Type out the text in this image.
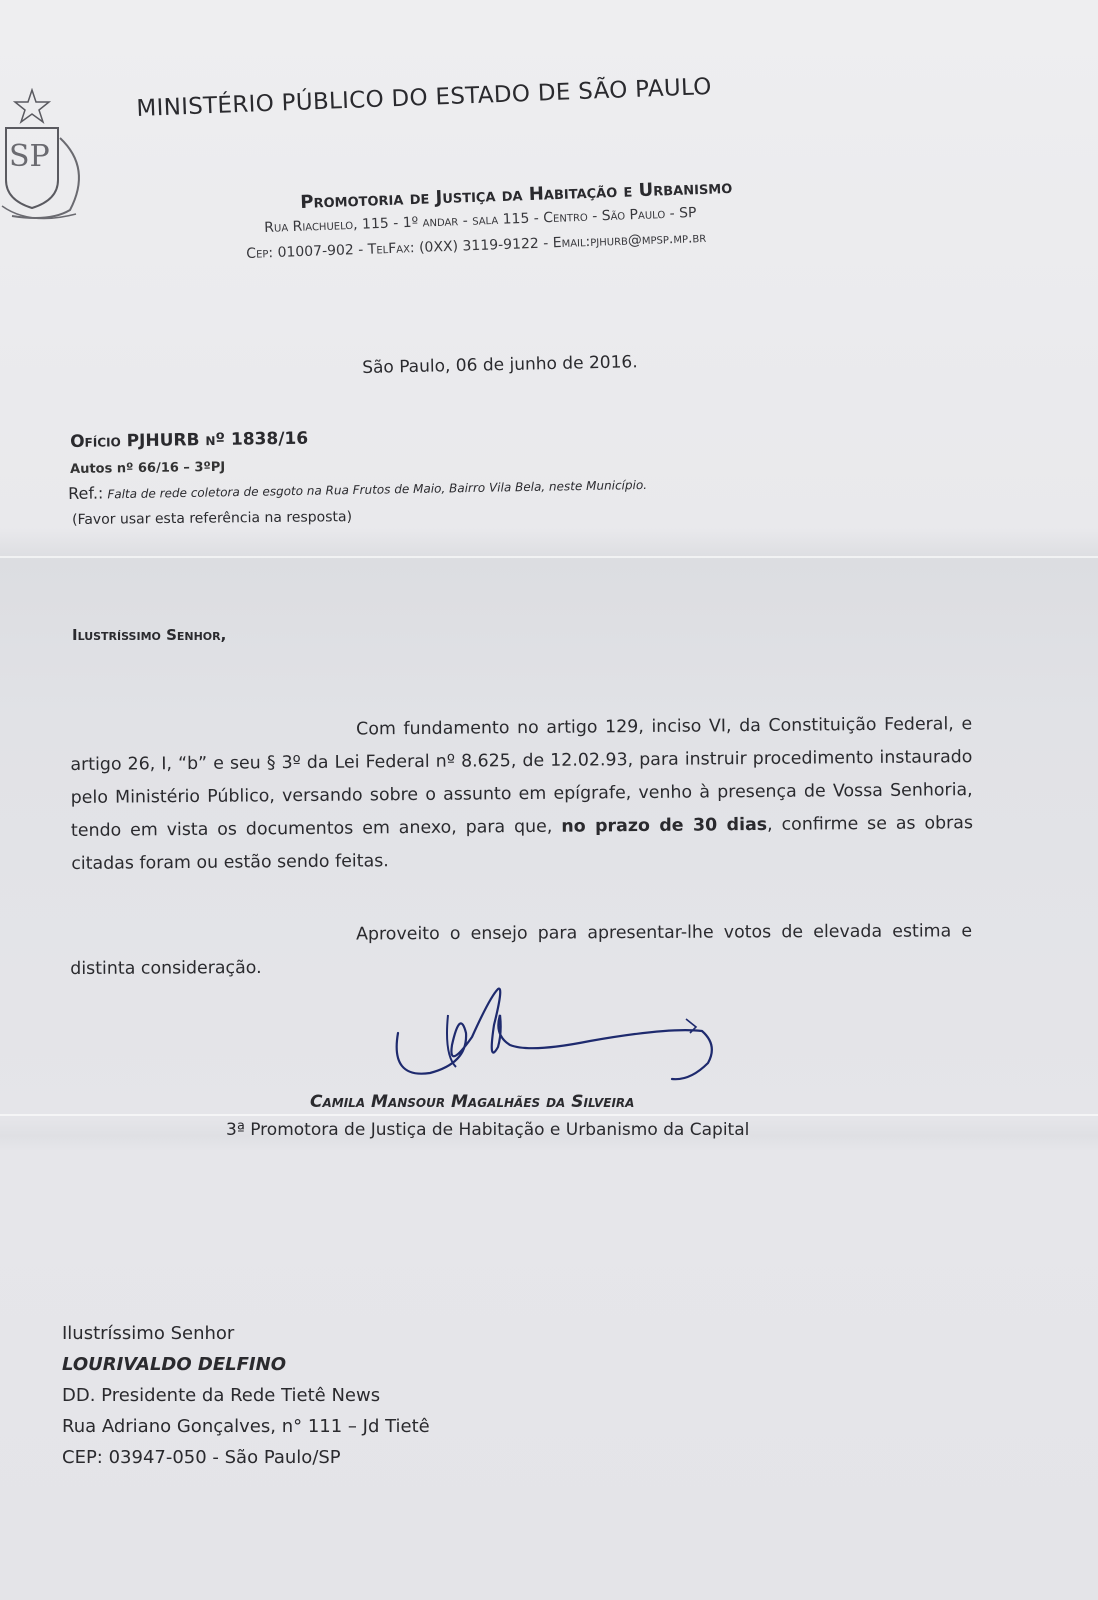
SP
MINISTÉRIO PÚBLICO DO ESTADO DE SÃO PAULO
Promotoria de Justiça da Habitação e Urbanismo
Rua Riachuelo, 115 - 1º andar - sala 115 - Centro - São Paulo - SP
Cep: 01007-902 - TelFax: (0XX) 3119-9122 - Email:pjhurb@mpsp.mp.br
São Paulo, 06 de junho de 2016.
Ofício PJHURB nº 1838/16
Autos nº 66/16 – 3ºPJ
Ref.: Falta de rede coletora de esgoto na Rua Frutos de Maio, Bairro Vila Bela, neste Município.
(Favor usar esta referência na resposta)
Ilustríssimo Senhor,
Com fundamento no artigo 129, inciso VI, da Constituição Federal, e artigo 26, I, “b” e seu § 3º da Lei Federal nº 8.625, de 12.02.93, para instruir procedimento instaurado pelo Ministério Público, versando sobre o assunto em epígrafe, venho à presença de Vossa Senhoria, tendo em vista os documentos em anexo, para que, no prazo de 30 dias, confirme se as obras citadas foram ou estão sendo feitas.
Aproveito o ensejo para apresentar-lhe votos de elevada estima e distinta consideração.
Camila Mansour Magalhães da Silveira
3ª Promotora de Justiça de Habitação e Urbanismo da Capital
Ilustríssimo Senhor
LOURIVALDO DELFINO
DD. Presidente da Rede Tietê News
Rua Adriano Gonçalves, n° 111 – Jd Tietê
CEP: 03947-050 - São Paulo/SP
